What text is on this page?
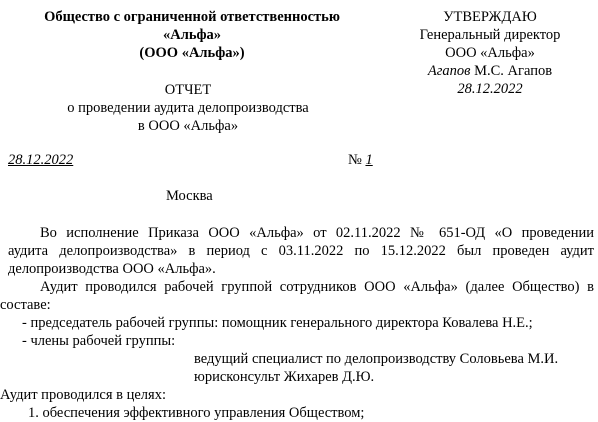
Общество с ограниченной ответственностью
«Альфа»
(ООО «Альфа»)
УТВЕРЖДАЮ
Генеральный директор
ООО «Альфа»
Агапов М.С. Агапов
28.12.2022
ОТЧЕТ
о проведении аудита делопроизводства
в ООО «Альфа»
28.12.2022	№ 1
Москва
Во исполнение Приказа ООО «Альфа» от 02.11.2022 № 651-ОД «О проведении
аудита делопроизводства» в период с 03.11.2022 по 15.12.2022 был проведен аудит
делопроизводства ООО «Альфа».
Аудит проводился рабочей группой сотрудников ООО «Альфа» (далее Общество) в
составе:
- председатель рабочей группы: помощник генерального директора Ковалева Н.Е.;
- члены рабочей группы:
ведущий специалист по делопроизводству Соловьева М.И.
юрисконсульт Жихарев Д.Ю.
Аудит проводился в целях:
1. обеспечения эффективного управления Обществом;
